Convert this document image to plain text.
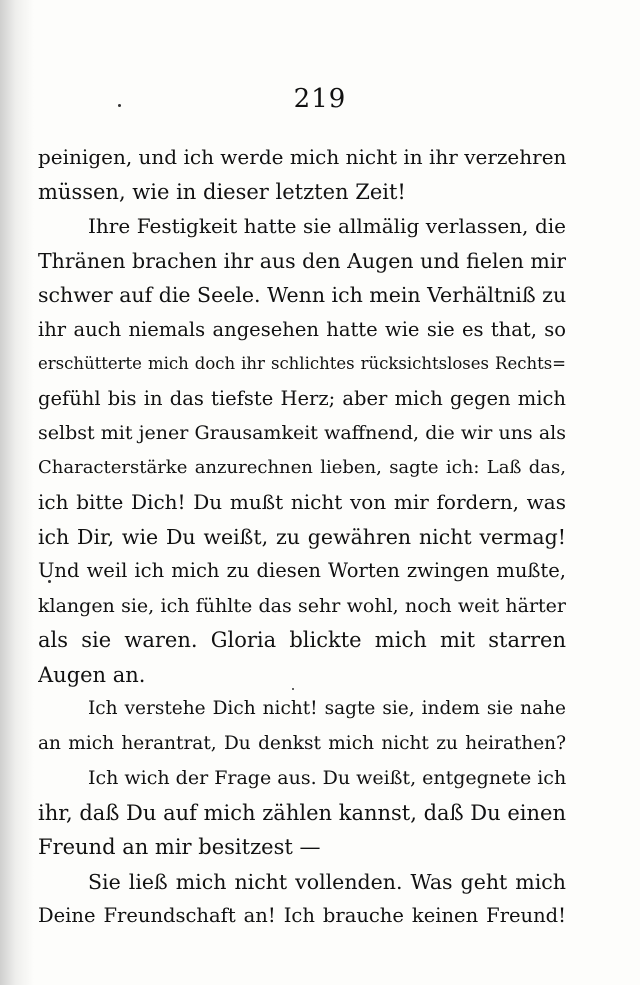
219
peinigen, und ich werde mich nicht in ihr verzehren
müssen, wie in dieser letzten Zeit!
Ihre Festigkeit hatte sie allmälig verlassen, die
Thränen brachen ihr aus den Augen und fielen mir
schwer auf die Seele. Wenn ich mein Verhältniß zu
ihr auch niemals angesehen hatte wie sie es that, so
erschütterte mich doch ihr schlichtes rücksichtsloses Rechts=
gefühl bis in das tiefste Herz; aber mich gegen mich
selbst mit jener Grausamkeit waffnend, die wir uns als
Characterstärke anzurechnen lieben, sagte ich: Laß das,
ich bitte Dich! Du mußt nicht von mir fordern, was
ich Dir, wie Du weißt, zu gewähren nicht vermag!
Und weil ich mich zu diesen Worten zwingen mußte,
klangen sie, ich fühlte das sehr wohl, noch weit härter
als sie waren. Gloria blickte mich mit starren
Augen an.
Ich verstehe Dich nicht! sagte sie, indem sie nahe
an mich herantrat, Du denkst mich nicht zu heirathen?
Ich wich der Frage aus. Du weißt, entgegnete ich
ihr, daß Du auf mich zählen kannst, daß Du einen
Freund an mir besitzest —
Sie ließ mich nicht vollenden. Was geht mich
Deine Freundschaft an! Ich brauche keinen Freund!
